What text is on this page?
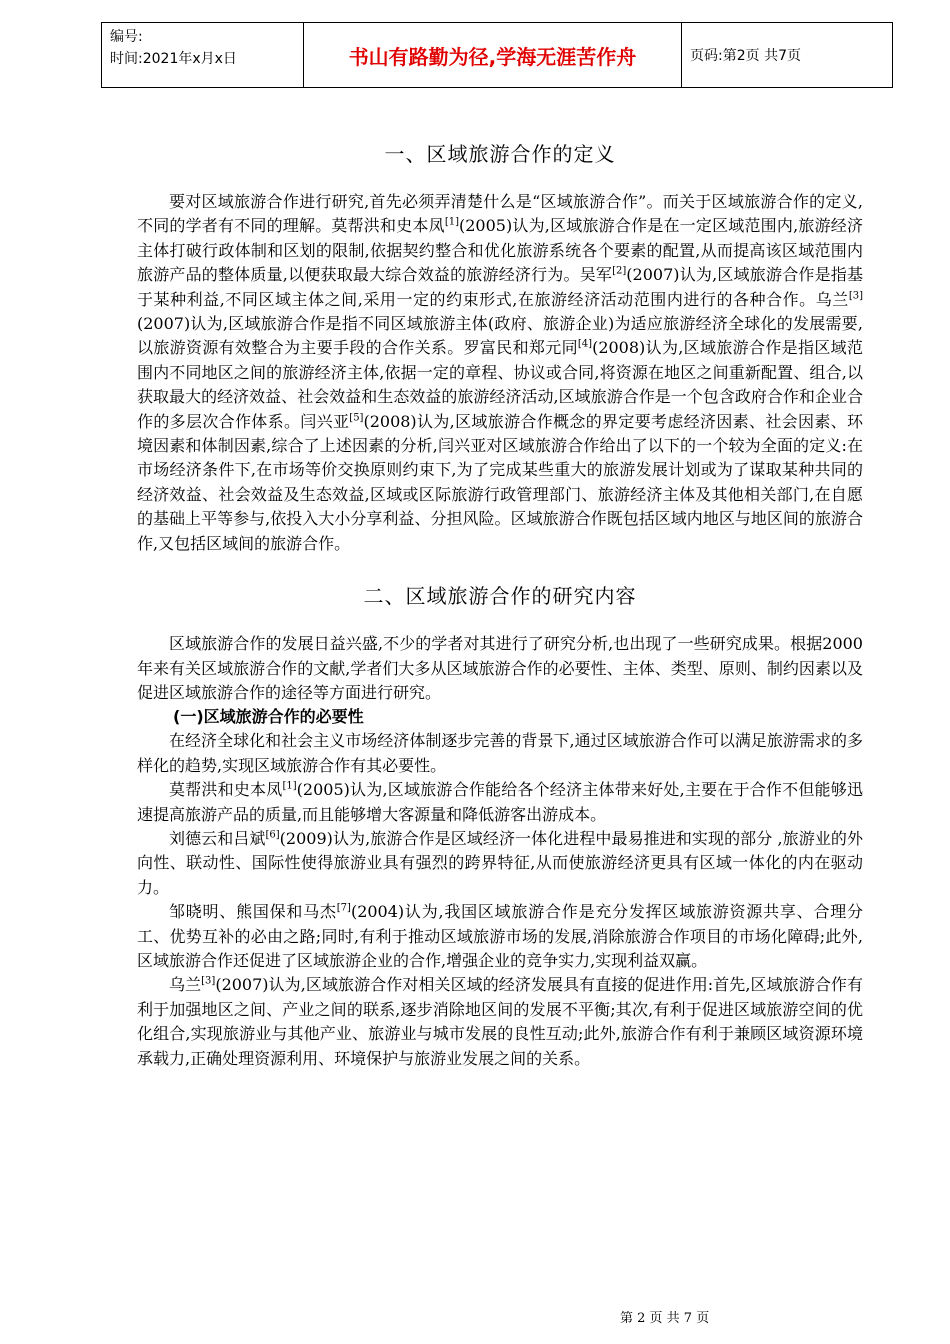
编号:
时间:2021年x月x日	书山有路勤为径,学海无涯苦作舟	页码:第2页 共7页
一、区域旅游合作的定义

要对区域旅游合作进行研究,首先必须弄清楚什么是“区域旅游合作”。而关于区域旅游合作的定义,不同的学者有不同的理解。莫帮洪和史本凤[1](2005)认为,区域旅游合作是在一定区域范围内,旅游经济主体打破行政体制和区划的限制,依据契约整合和优化旅游系统各个要素的配置,从而提高该区域范围内旅游产品的整体质量,以便获取最大综合效益的旅游经济行为。吴军[2](2007)认为,区域旅游合作是指基于某种利益,不同区域主体之间,采用一定的约束形式,在旅游经济活动范围内进行的各种合作。乌兰[3](2007)认为,区域旅游合作是指不同区域旅游主体(政府、旅游企业)为适应旅游经济全球化的发展需要,以旅游资源有效整合为主要手段的合作关系。罗富民和郑元同[4](2008)认为,区域旅游合作是指区域范围内不同地区之间的旅游经济主体,依据一定的章程、协议或合同,将资源在地区之间重新配置、组合,以获取最大的经济效益、社会效益和生态效益的旅游经济活动,区域旅游合作是一个包含政府合作和企业合作的多层次合作体系。闫兴亚[5](2008)认为,区域旅游合作概念的界定要考虑经济因素、社会因素、环境因素和体制因素,综合了上述因素的分析,闫兴亚对区域旅游合作给出了以下的一个较为全面的定义:在市场经济条件下,在市场等价交换原则约束下,为了完成某些重大的旅游发展计划或为了谋取某种共同的经济效益、社会效益及生态效益,区域或区际旅游行政管理部门、旅游经济主体及其他相关部门,在自愿的基础上平等参与,依投入大小分享利益、分担风险。区域旅游合作既包括区域内地区与地区间的旅游合作,又包括区域间的旅游合作。

二、区域旅游合作的研究内容

区域旅游合作的发展日益兴盛,不少的学者对其进行了研究分析,也出现了一些研究成果。根据2000年来有关区域旅游合作的文献,学者们大多从区域旅游合作的必要性、主体、类型、原则、制约因素以及促进区域旅游合作的途径等方面进行研究。

(一)区域旅游合作的必要性

在经济全球化和社会主义市场经济体制逐步完善的背景下,通过区域旅游合作可以满足旅游需求的多样化的趋势,实现区域旅游合作有其必要性。

莫帮洪和史本凤[1](2005)认为,区域旅游合作能给各个经济主体带来好处,主要在于合作不但能够迅速提高旅游产品的质量,而且能够增大客源量和降低游客出游成本。

刘德云和吕斌[6](2009)认为,旅游合作是区域经济一体化进程中最易推进和实现的部分 ,旅游业的外向性、联动性、国际性使得旅游业具有强烈的跨界特征,从而使旅游经济更具有区域一体化的内在驱动力。

邹晓明、熊国保和马杰[7](2004)认为,我国区域旅游合作是充分发挥区域旅游资源共享、合理分工、优势互补的必由之路;同时,有利于推动区域旅游市场的发展,消除旅游合作项目的市场化障碍;此外,区域旅游合作还促进了区域旅游企业的合作,增强企业的竞争实力,实现利益双赢。

乌兰[3](2007)认为,区域旅游合作对相关区域的经济发展具有直接的促进作用:首先,区域旅游合作有利于加强地区之间、产业之间的联系,逐步消除地区间的发展不平衡;其次,有利于促进区域旅游空间的优化组合,实现旅游业与其他产业、旅游业与城市发展的良性互动;此外,旅游合作有利于兼顾区域资源环境承载力,正确处理资源利用、环境保护与旅游业发展之间的关系。

第 2 页 共 7 页
